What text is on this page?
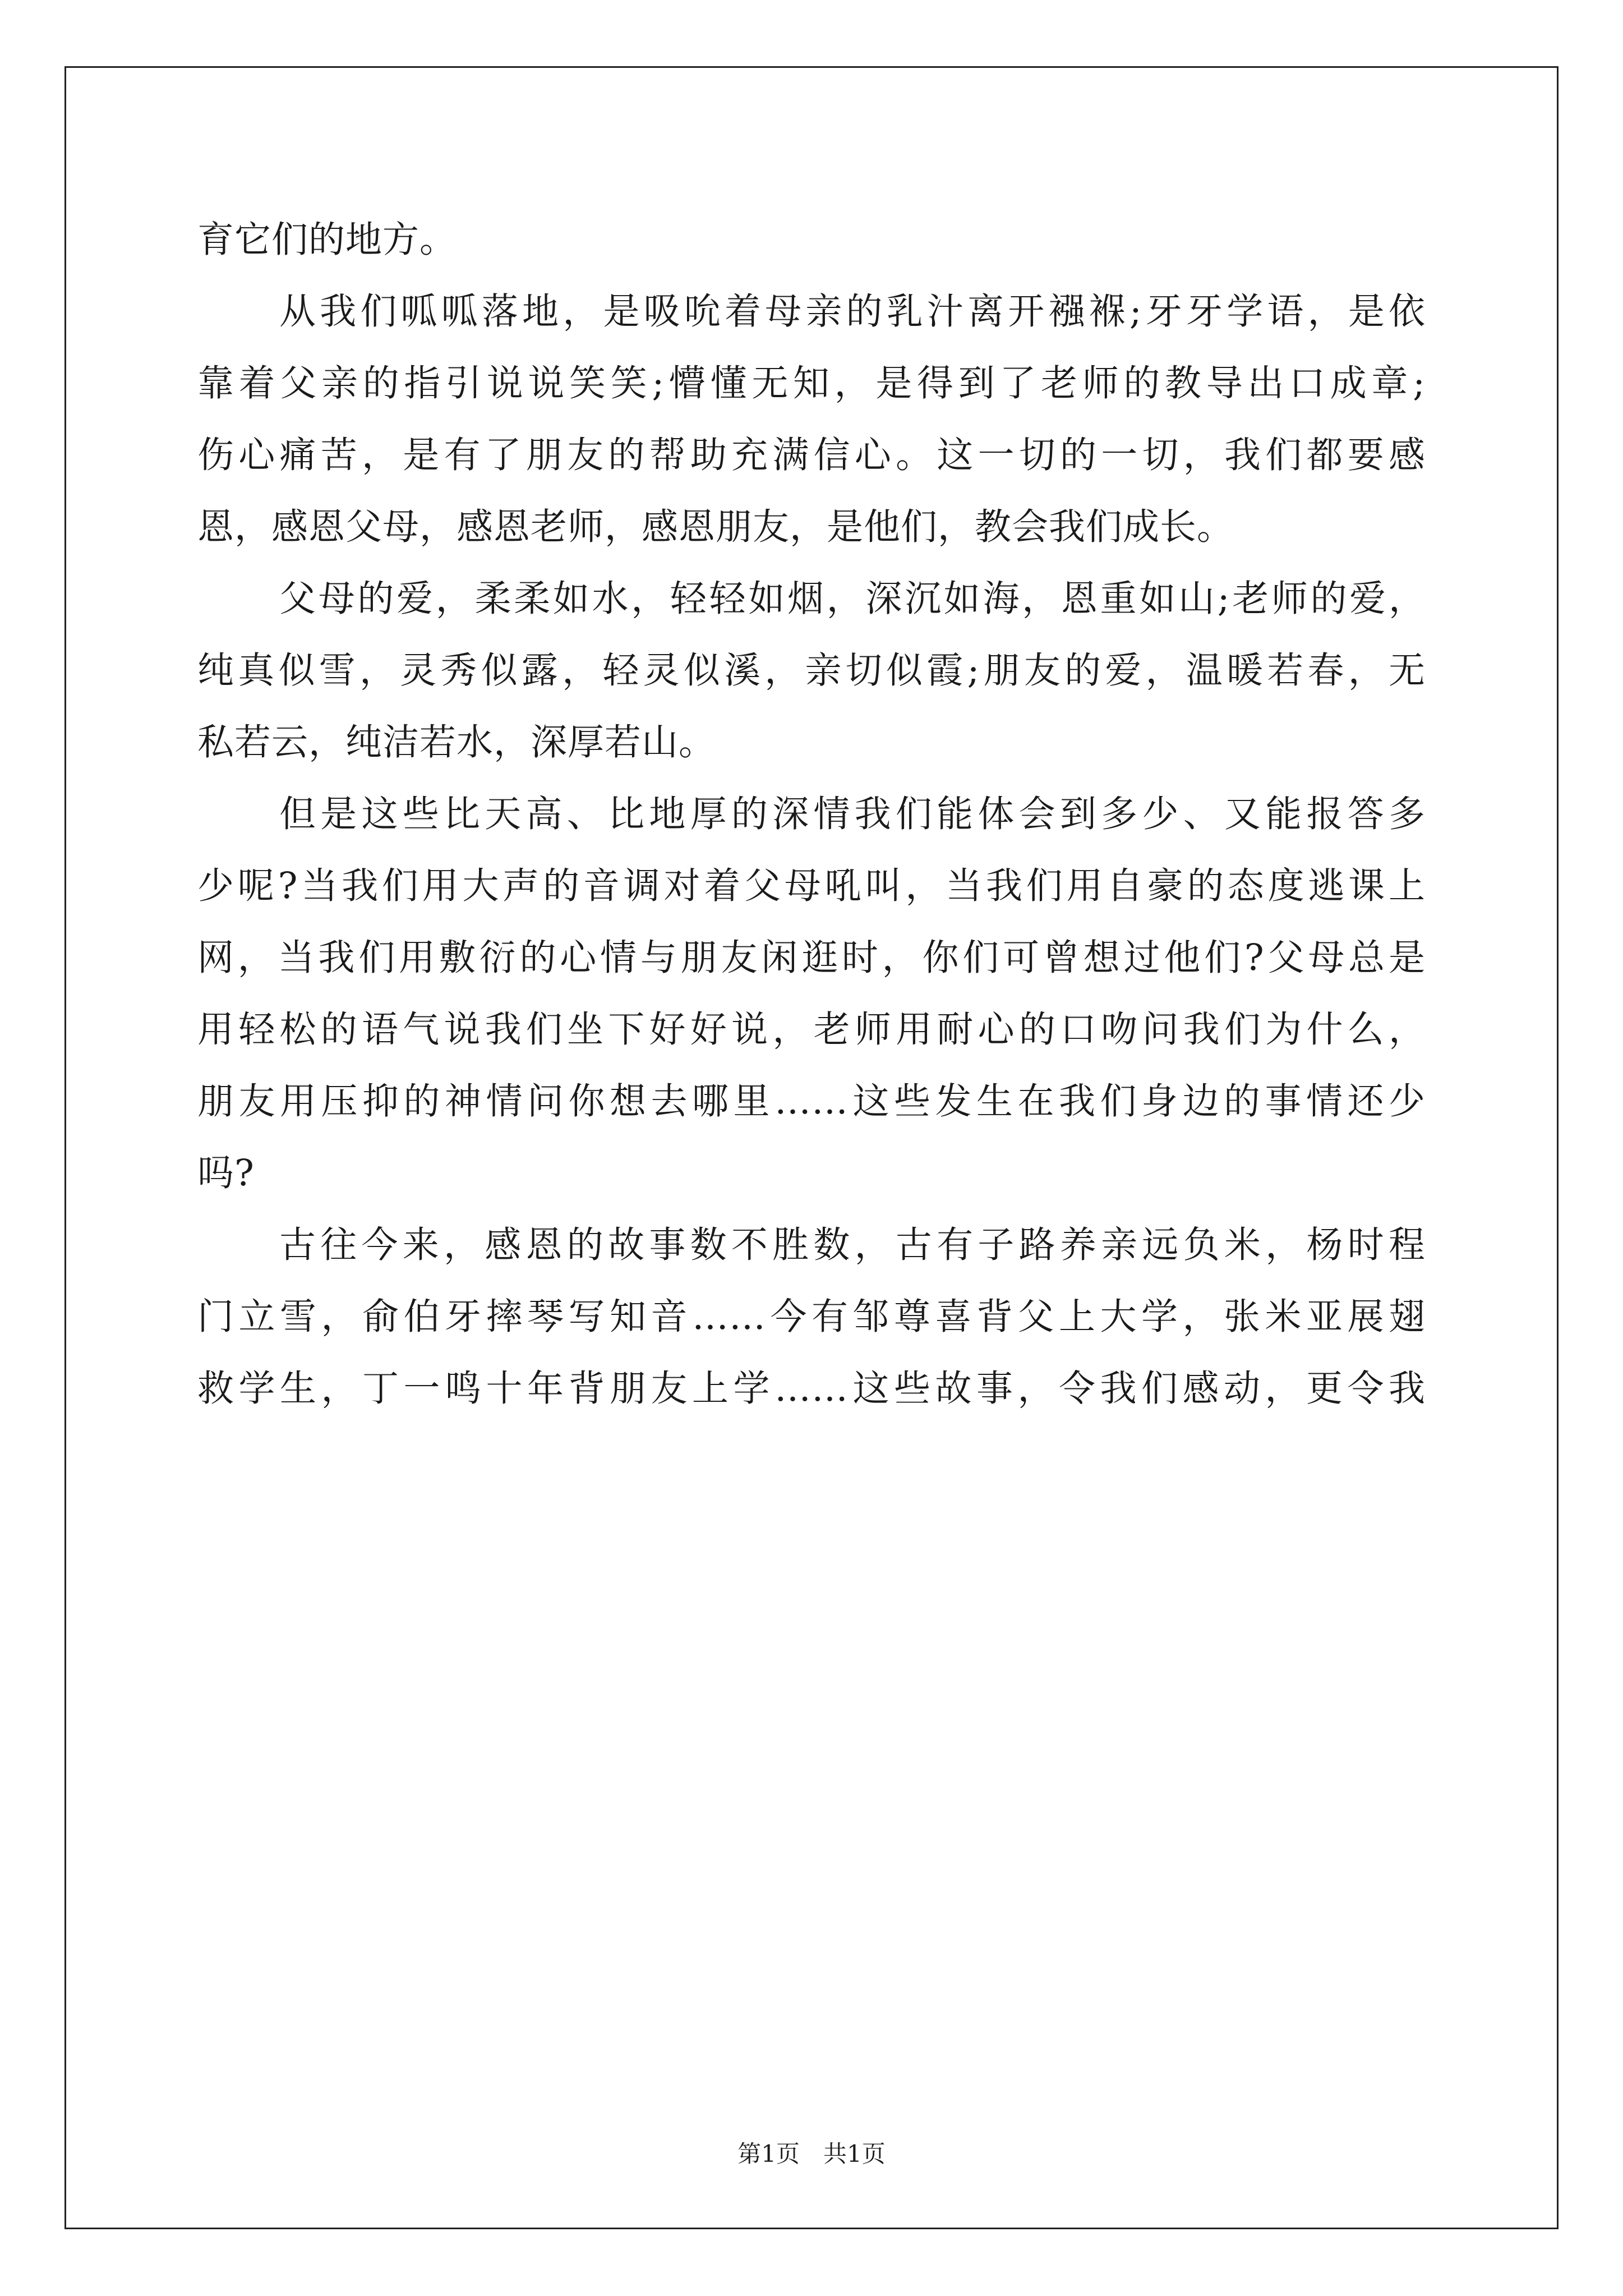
育它们的地方。
从我们呱呱落地，是吸吮着母亲的乳汁离开襁褓;牙牙学语，是依
靠着父亲的指引说说笑笑;懵懂无知，是得到了老师的教导出口成章;
伤心痛苦，是有了朋友的帮助充满信心。这一切的一切，我们都要感
恩，感恩父母，感恩老师，感恩朋友，是他们，教会我们成长。
父母的爱，柔柔如水，轻轻如烟，深沉如海，恩重如山;老师的爱，
纯真似雪，灵秀似露，轻灵似溪，亲切似霞;朋友的爱，温暖若春，无
私若云，纯洁若水，深厚若山。
但是这些比天高、比地厚的深情我们能体会到多少、又能报答多
少呢?当我们用大声的音调对着父母吼叫，当我们用自豪的态度逃课上
网，当我们用敷衍的心情与朋友闲逛时，你们可曾想过他们?父母总是
用轻松的语气说我们坐下好好说，老师用耐心的口吻问我们为什么，
朋友用压抑的神情问你想去哪里……这些发生在我们身边的事情还少
吗?
古往今来，感恩的故事数不胜数，古有子路养亲远负米，杨时程
门立雪，俞伯牙摔琴写知音……今有邹尊喜背父上大学，张米亚展翅
救学生，丁一鸣十年背朋友上学……这些故事，令我们感动，更令我
第1页　共1页
